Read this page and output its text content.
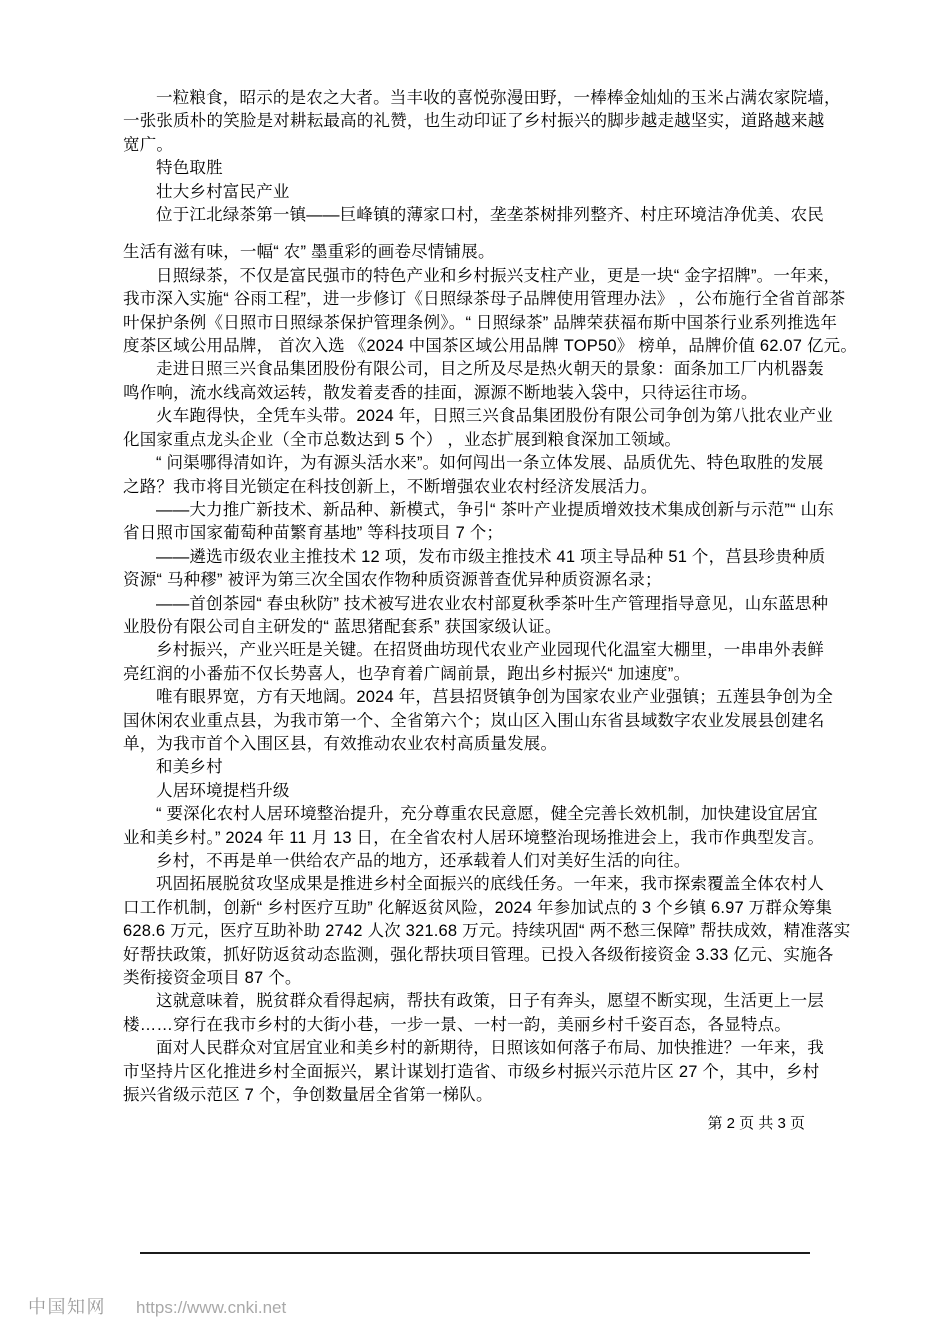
一粒粮食，昭示的是农之大者。当丰收的喜悦弥漫田野，一棒棒金灿灿的玉米占满农家院墙，
一张张质朴的笑脸是对耕耘最高的礼赞，也生动印证了乡村振兴的脚步越走越坚实，道路越来越
宽广。
特色取胜
壮大乡村富民产业
位于江北绿茶第一镇——巨峰镇的薄家口村，垄垄茶树排列整齐、村庄环境洁净优美、农民
生活有滋有味，一幅“ 农” 墨重彩的画卷尽情铺展。
日照绿茶，不仅是富民强市的特色产业和乡村振兴支柱产业，更是一块“ 金字招牌”。一年来，
我市深入实施“ 谷雨工程”，进一步修订《日照绿茶母子品牌使用管理办法》 ，公布施行全省首部茶
叶保护条例《日照市日照绿茶保护管理条例》。“ 日照绿茶” 品牌荣获福布斯中国茶行业系列推选年
度茶区域公用品牌， 首次入选 《2024 中国茶区域公用品牌 TOP50》 榜单，品牌价值 62.07 亿元。
走进日照三兴食品集团股份有限公司，目之所及尽是热火朝天的景象：面条加工厂内机器轰
鸣作响，流水线高效运转，散发着麦香的挂面，源源不断地装入袋中，只待运往市场。
火车跑得快，全凭车头带。2024 年，日照三兴食品集团股份有限公司争创为第八批农业产业
化国家重点龙头企业（全市总数达到 5 个） ，业态扩展到粮食深加工领域。
“ 问渠哪得清如许，为有源头活水来”。如何闯出一条立体发展、品质优先、特色取胜的发展
之路？我市将目光锁定在科技创新上，不断增强农业农村经济发展活力。
——大力推广新技术、新品种、新模式，争引“ 茶叶产业提质增效技术集成创新与示范”“ 山东
省日照市国家葡萄种苗繁育基地” 等科技项目 7 个；
——遴选市级农业主推技术 12 项，发布市级主推技术 41 项主导品种 51 个，莒县珍贵种质
资源“ 马种穋” 被评为第三次全国农作物种质资源普查优异种质资源名录；
——首创茶园“ 春虫秋防” 技术被写进农业农村部夏秋季茶叶生产管理指导意见，山东蓝思种
业股份有限公司自主研发的“ 蓝思猪配套系” 获国家级认证。
乡村振兴，产业兴旺是关键。在招贤曲坊现代农业产业园现代化温室大棚里，一串串外表鲜
亮红润的小番茄不仅长势喜人，也孕育着广阔前景，跑出乡村振兴“ 加速度”。
唯有眼界宽，方有天地阔。2024 年，莒县招贤镇争创为国家农业产业强镇；五莲县争创为全
国休闲农业重点县，为我市第一个、全省第六个；岚山区入围山东省县域数字农业发展县创建名
单，为我市首个入围区县，有效推动农业农村高质量发展。
和美乡村
人居环境提档升级
“ 要深化农村人居环境整治提升，充分尊重农民意愿，健全完善长效机制，加快建设宜居宜
业和美乡村。” 2024 年 11 月 13 日，在全省农村人居环境整治现场推进会上，我市作典型发言。
乡村，不再是单一供给农产品的地方，还承载着人们对美好生活的向往。
巩固拓展脱贫攻坚成果是推进乡村全面振兴的底线任务。一年来，我市探索覆盖全体农村人
口工作机制，创新“ 乡村医疗互助” 化解返贫风险，2024 年参加试点的 3 个乡镇 6.97 万群众筹集
628.6 万元，医疗互助补助 2742 人次 321.68 万元。持续巩固“ 两不愁三保障” 帮扶成效，精准落实
好帮扶政策，抓好防返贫动态监测，强化帮扶项目管理。已投入各级衔接资金 3.33 亿元、实施各
类衔接资金项目 87 个。
这就意味着，脱贫群众看得起病，帮扶有政策，日子有奔头，愿望不断实现，生活更上一层
楼……穿行在我市乡村的大街小巷，一步一景、一村一韵，美丽乡村千姿百态，各显特点。
面对人民群众对宜居宜业和美乡村的新期待，日照该如何落子布局、加快推进？一年来，我
市坚持片区化推进乡村全面振兴，累计谋划打造省、市级乡村振兴示范片区 27 个，其中，乡村
振兴省级示范区 7 个，争创数量居全省第一梯队。
第 2 页 共 3 页
中国知网 https://www.cnki.net
